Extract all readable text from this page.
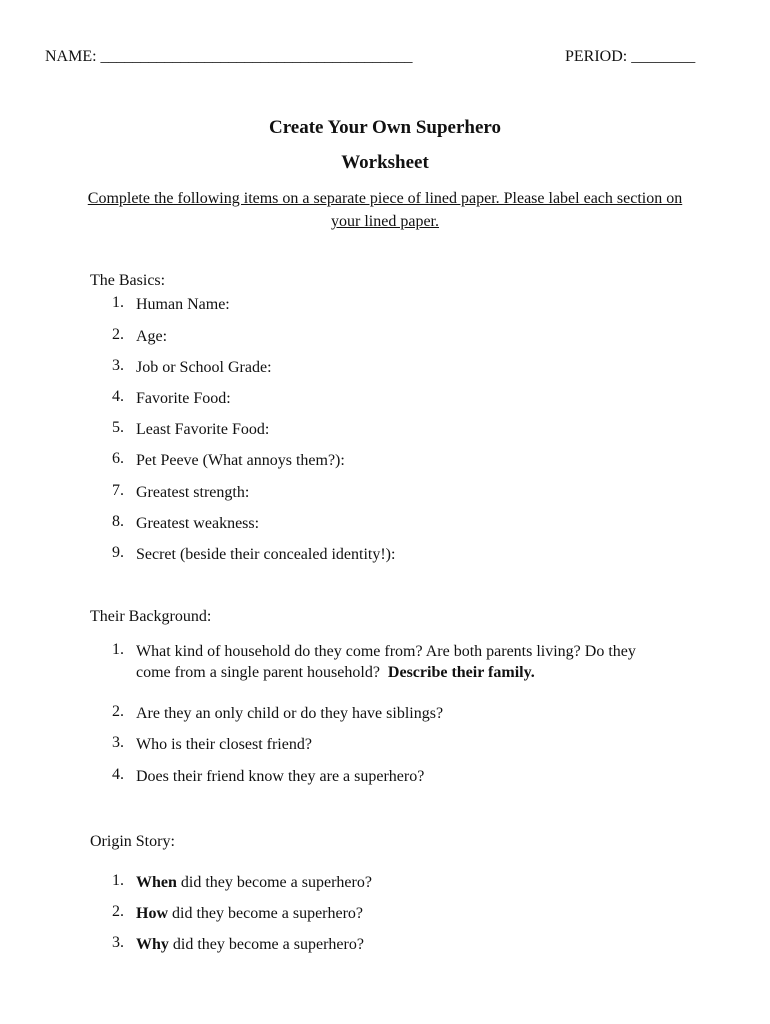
NAME: _______________________________________	PERIOD: ________
Create Your Own Superhero
Worksheet
Complete the following items on a separate piece of lined paper. Please label each section on
your lined paper.
The Basics:
1. Human Name:
2. Age:
3. Job or School Grade:
4. Favorite Food:
5. Least Favorite Food:
6. Pet Peeve (What annoys them?):
7. Greatest strength:
8. Greatest weakness:
9. Secret (beside their concealed identity!):
Their Background:
1. What kind of household do they come from? Are both parents living? Do they
come from a single parent household? Describe their family.
2. Are they an only child or do they have siblings?
3. Who is their closest friend?
4. Does their friend know they are a superhero?
Origin Story:
1. When did they become a superhero?
2. How did they become a superhero?
3. Why did they become a superhero?
